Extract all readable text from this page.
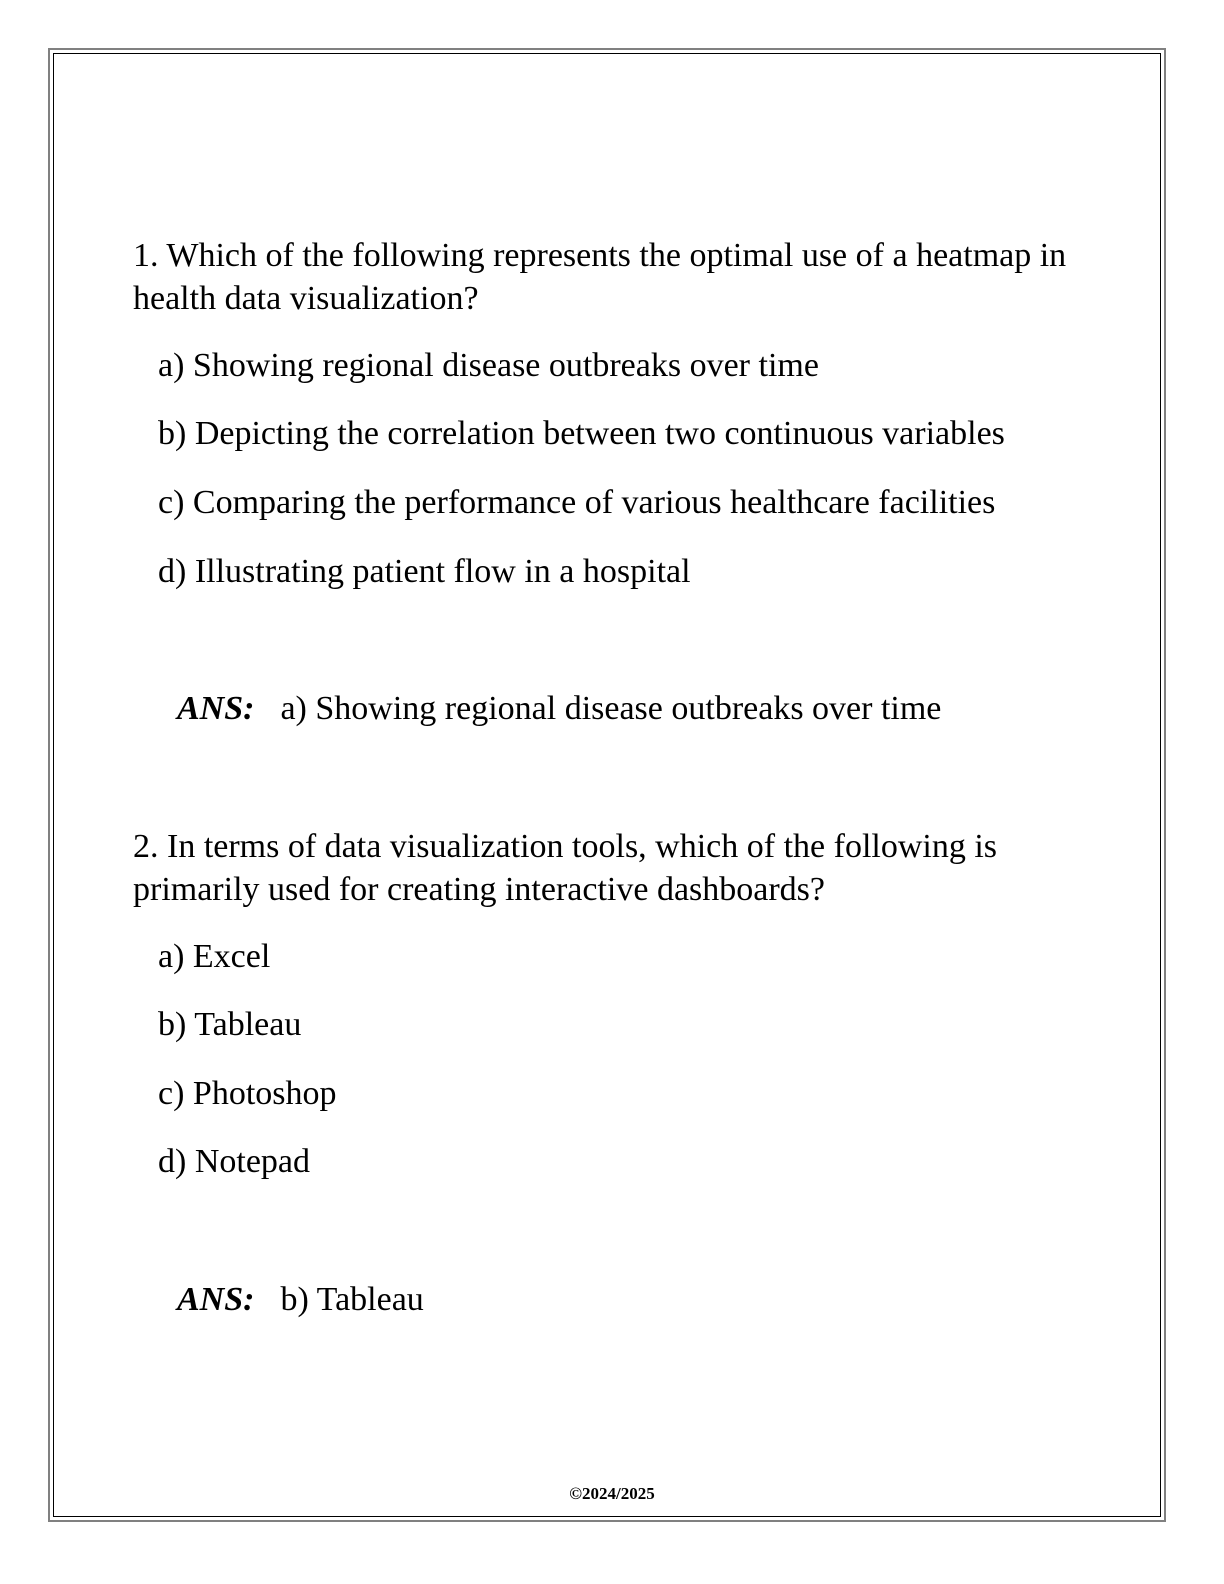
1. Which of the following represents the optimal use of a heatmap in health data visualization?

a) Showing regional disease outbreaks over time
b) Depicting the correlation between two continuous variables
c) Comparing the performance of various healthcare facilities
d) Illustrating patient flow in a hospital
ANS: a) Showing regional disease outbreaks over time

2. In terms of data visualization tools, which of the following is primarily used for creating interactive dashboards?

a) Excel
b) Tableau
c) Photoshop
d) Notepad
ANS: b) Tableau
©2024/2025
